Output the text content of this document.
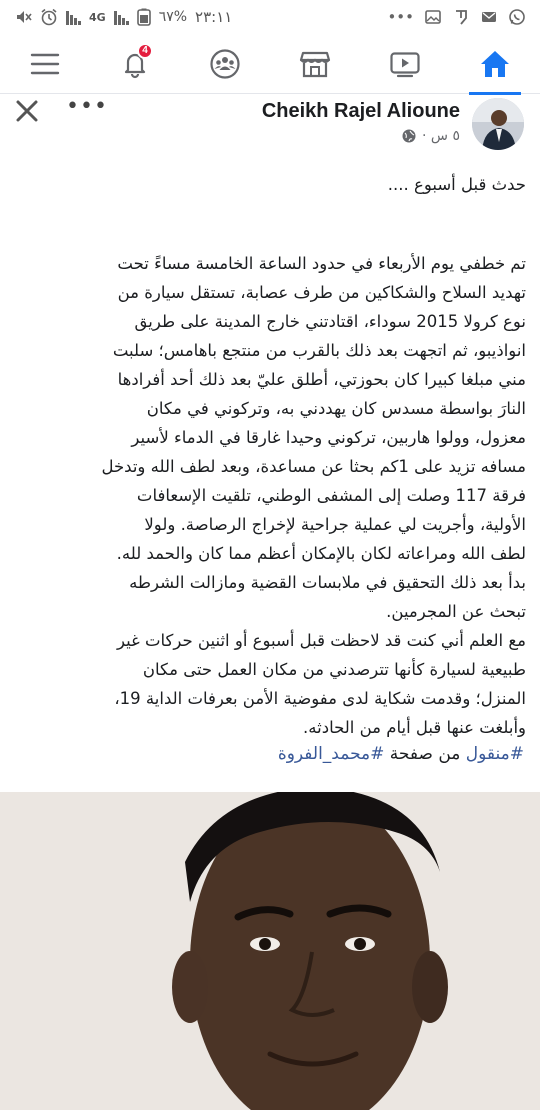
٢٣:١١
%٦٧
4G	•••
4
•••	Cheikh Rajel Alioune
٥ س ·
حدث قبل أسبوع ....
تم خطفي يوم الأربعاء في حدود الساعة الخامسة مساءً تحت
تهديد السلاح والشكاكين من طرف عصابة، تستقل سيارة من
نوع كرولا 2015 سوداء، اقتادتني خارج المدينة على طريق
انواذيبو، ثم اتجهت بعد ذلك بالقرب من منتجع باهامس؛ سلبت
مني مبلغا كبيرا كان بحوزتي، أطلق عليّ بعد ذلك أحد أفرادها
النارَ بواسطة مسدس كان يهددني به، وتركوني في مكان
معزول، وولوا هاربين، تركوني وحيدا غارقا في الدماء لأسير
مسافه تزيد على 1كم بحثا عن مساعدة، وبعد لطف الله وتدخل
فرقة 117 وصلت إلى المشفى الوطني، تلقيت الإسعافات
الأولية، وأجريت لي عملية جراحية لإخراج الرصاصة. ولولا
لطف الله ومراعاته لكان بالإمكان أعظم مما كان والحمد لله.
بدأ بعد ذلك التحقيق في ملابسات القضية ومازالت الشرطه
تبحث عن المجرمين.
مع العلم أني كنت قد لاحظت قبل أسبوع أو اثنين حركات غير
طبيعية لسيارة كأنها تترصدني من مكان العمل حتى مكان
المنزل؛ وقدمت شكاية لدى مفوضية الأمن بعرفات الداية 19،
وأبلغت عنها قبل أيام من الحادثه.
#منقول من صفحة #محمد_الفروة
